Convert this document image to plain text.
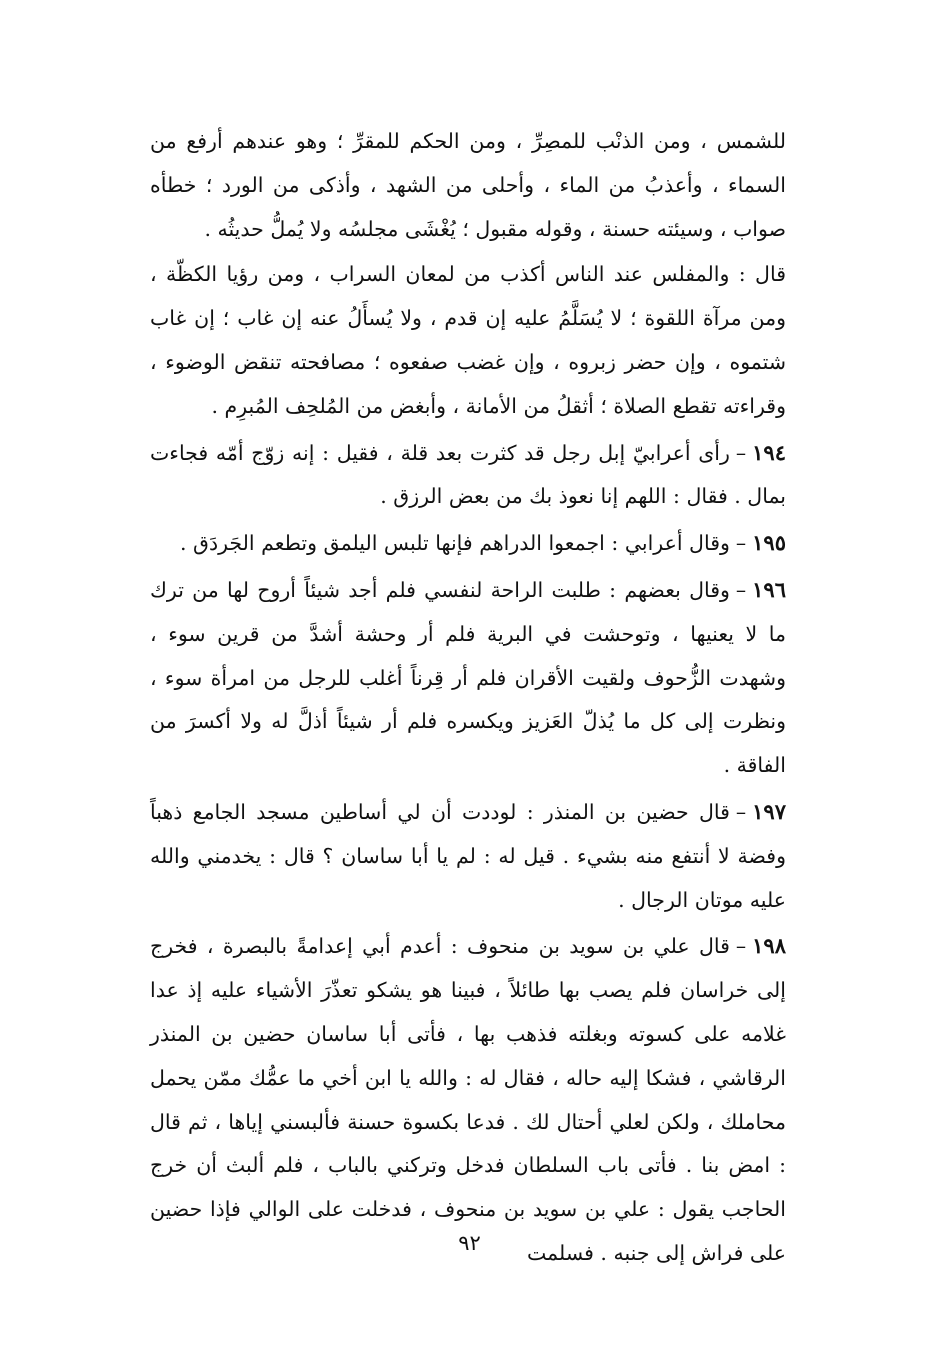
للشمس ، ومن الذنْب للمصِرِّ ، ومن الحكم للمقرِّ ؛ وهو عندهم أرفع من السماء ، وأعذبُ من الماء ، وأحلى من الشهد ، وأذكى من الورد ؛ خطأه صواب ، وسيئته حسنة ، وقوله مقبول ؛ يُغْشَى مجلسُه ولا يُملُّ حديثُه .

قال : والمفلس عند الناس أكذب من لمعان السراب ، ومن رؤيا الكظّة ، ومن مرآة اللقوة ؛ لا يُسَلَّمُ عليه إن قدم ، ولا يُسأَلُ عنه إن غاب ؛ إن غاب شتموه ، وإن حضر زبروه ، وإن غضب صفعوه ؛ مصافحته تنقض الوضوء ، وقراءته تقطع الصلاة ؛ أثقلُ من الأمانة ، وأبغض من المُلحِف المُبرِم .

١٩٤–رأى أعرابيّ إبل رجل قد كثرت بعد قلة ، فقيل : إنه زوّج أمّه فجاءت بمال . فقال : اللهم إنا نعوذ بك من بعض الرزق .

١٩٥–وقال أعرابي : اجمعوا الدراهم فإنها تلبس اليلمق وتطعم الجَردَق .

١٩٦–وقال بعضهم : طلبت الراحة لنفسي فلم أجد شيئاً أروح لها من ترك ما لا يعنيها ، وتوحشت في البرية فلم أر وحشة أشدَّ من قرين سوء ، وشهدت الزُّحوف ولقيت الأقران فلم أر قِرناً أغلب للرجل من امرأة سوء ، ونظرت إلى كل ما يُذلّ العَزيز ويكسره فلم أر شيئاً أذلَّ له ولا أكسرَ من الفاقة .

١٩٧–قال حضين بن المنذر : لوددت أن لي أساطين مسجد الجامع ذهباً وفضة لا أنتفع منه بشيء . قيل له : لم يا أبا ساسان ؟ قال : يخدمني والله عليه موتان الرجال .

١٩٨–قال علي بن سويد بن منحوف : أعدم أبي إعدامةً بالبصرة ، فخرج إلى خراسان فلم يصب بها طائلاً ، فبينا هو يشكو تعذّرَ الأشياء عليه إذ عدا غلامه على كسوته وبغلته فذهب بها ، فأتى أبا ساسان حضين بن المنذر الرقاشي ، فشكا إليه حاله ، فقال له : والله يا ابن أخي ما عمُّك ممّن يحمل محاملك ، ولكن لعلي أحتال لك . فدعا بكسوة حسنة فألبسني إياها ، ثم قال : امض بنا . فأتى باب السلطان فدخل وتركني بالباب ، فلم ألبث أن خرج الحاجب يقول : علي بن سويد بن منحوف ، فدخلت على الوالي فإذا حضين على فراش إلى جنبه . فسلمت

٩٢
